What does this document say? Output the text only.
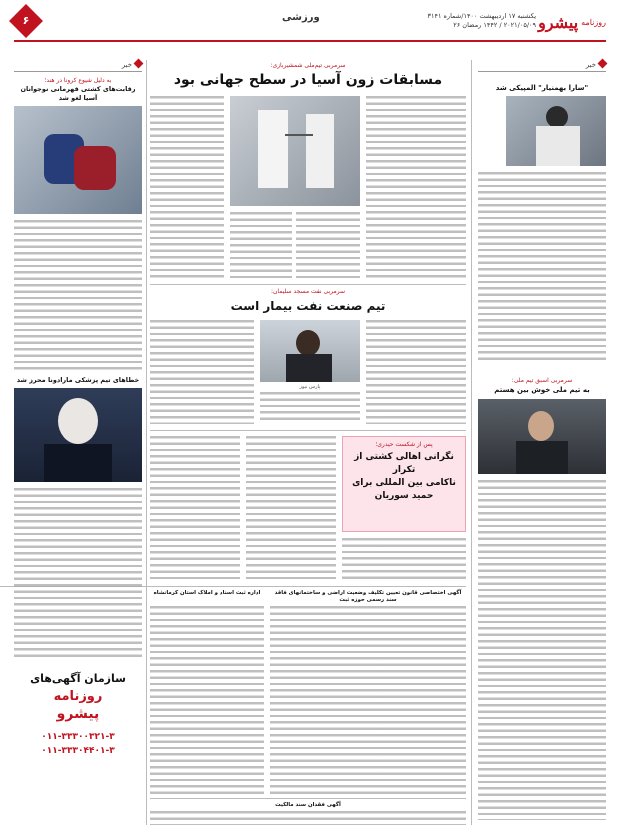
روزنامه
پیشرو
یکشنبه ۱۷ اردیبهشت ۱۴۰۰/شماره ۳۱۴۱
۲۰۲۱/۰۵/۰۹ / ۱۴۴۲ رمضان ۲۶
ورزشی
۶
خبر
"سارا بهمنیار" المپیکی شد
سرمربی اسبق تیم ملی:
به تیم ملی خوش بین هستم
سرمربی تیم‌ملی شمشیربازی:
مسابقات زون آسیا در سطح جهانی بود
سرمربی نفت مسجد سلیمان:
تیم صنعت نفت بیمار است
پارس نیوز
پس از شکست حیدری؛
نگرانی اهالی کشتی از تکرار
ناکامی بین المللی برای
حمید سوریان
آگهی اختصاصی قانون تعیین تکلیف وضعیت اراضی و ساختمانهای فاقد سند رسمی حوزه ثبت
اداره ثبت اسناد و املاک استان کرمانشاه
آگهی فقدان سند مالکیت
خبر
به دلیل شیوع کرونا در هند؛
رقابت‌های کشتی قهرمانی نوجوانان آسیا لغو شد
خطاهای تیم پزشکی مارادونا محرز شد
سازمان آگهی‌های
روزنامه
پیشرو
۰۱۱-۳۳۳۰۰۳۲۱-۳
۰۱۱-۳۳۳۰۴۴۰۱-۳
